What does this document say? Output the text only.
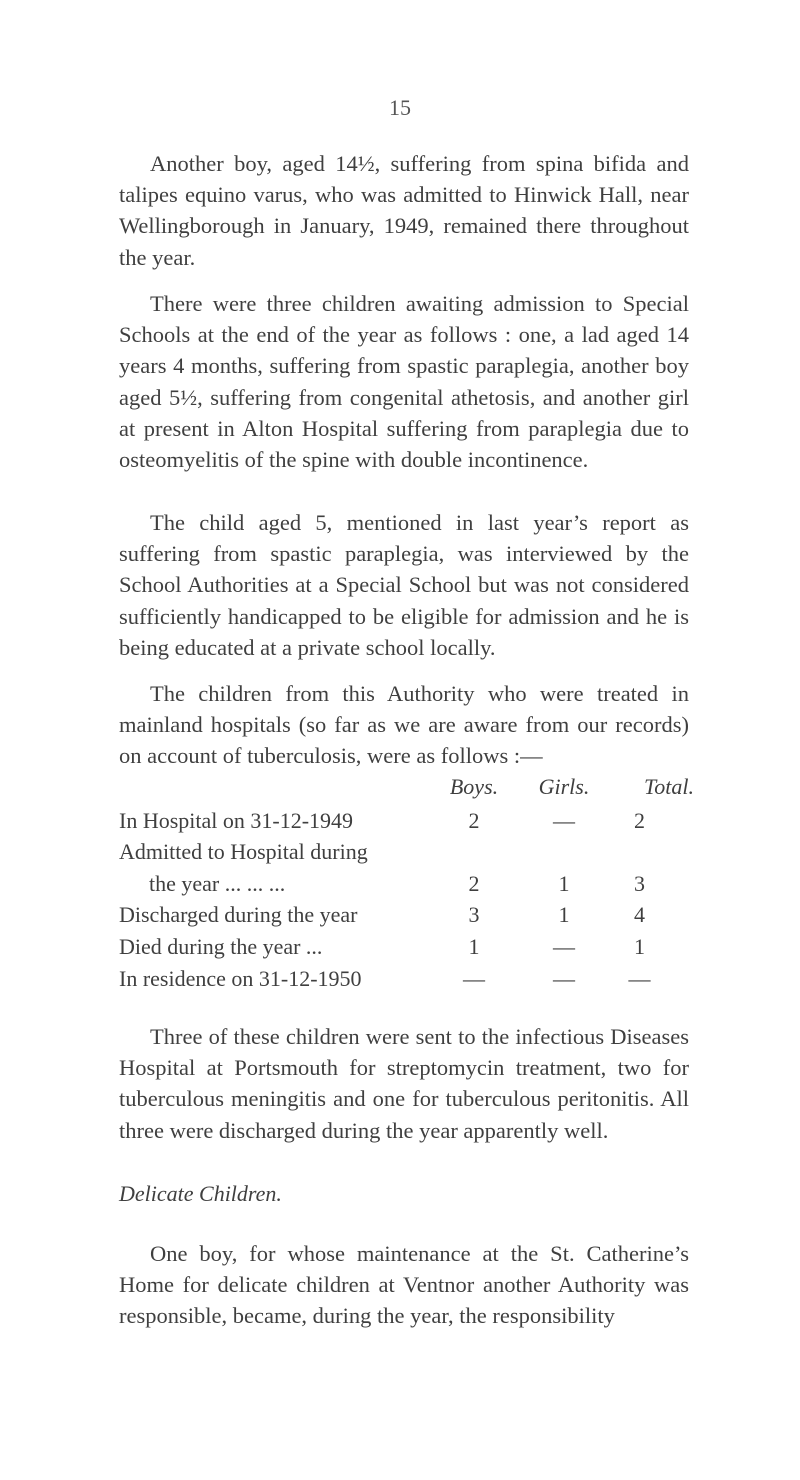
15

Another boy, aged 14½, suffering from spina bifida and talipes equino varus, who was admitted to Hinwick Hall, near Wellingborough in January, 1949, remained there throughout the year.

There were three children awaiting admission to Special Schools at the end of the year as follows : one, a lad aged 14 years 4 months, suffering from spastic paraplegia, another boy aged 5½, suffering from congenital athetosis, and another girl at present in Alton Hospital suffering from paraplegia due to osteomyelitis of the spine with double incontinence.

The child aged 5, mentioned in last year’s report as suffering from spastic paraplegia, was interviewed by the School Authorities at a Special School but was not considered sufficiently handicapped to be eligible for admission and he is being educated at a private school locally.

The children from this Authority who were treated in mainland hospitals (so far as we are aware from our records) on account of tuberculosis, were as follows :—

	Boys.	Girls.	Total.
In Hospital on 31-12-1949	2	—	2
Admitted to Hospital during			
the year ... ... ...	2	1	3
Discharged during the year	3	1	4
Died during the year ...	1	—	1
In residence on 31-12-1950	—	—	—

Three of these children were sent to the infectious Diseases Hospital at Portsmouth for streptomycin treatment, two for tuberculous meningitis and one for tuberculous peritonitis. All three were discharged during the year apparently well.

Delicate Children.

One boy, for whose maintenance at the St. Catherine’s Home for delicate children at Ventnor another Authority was responsible, became, during the year, the responsibility
